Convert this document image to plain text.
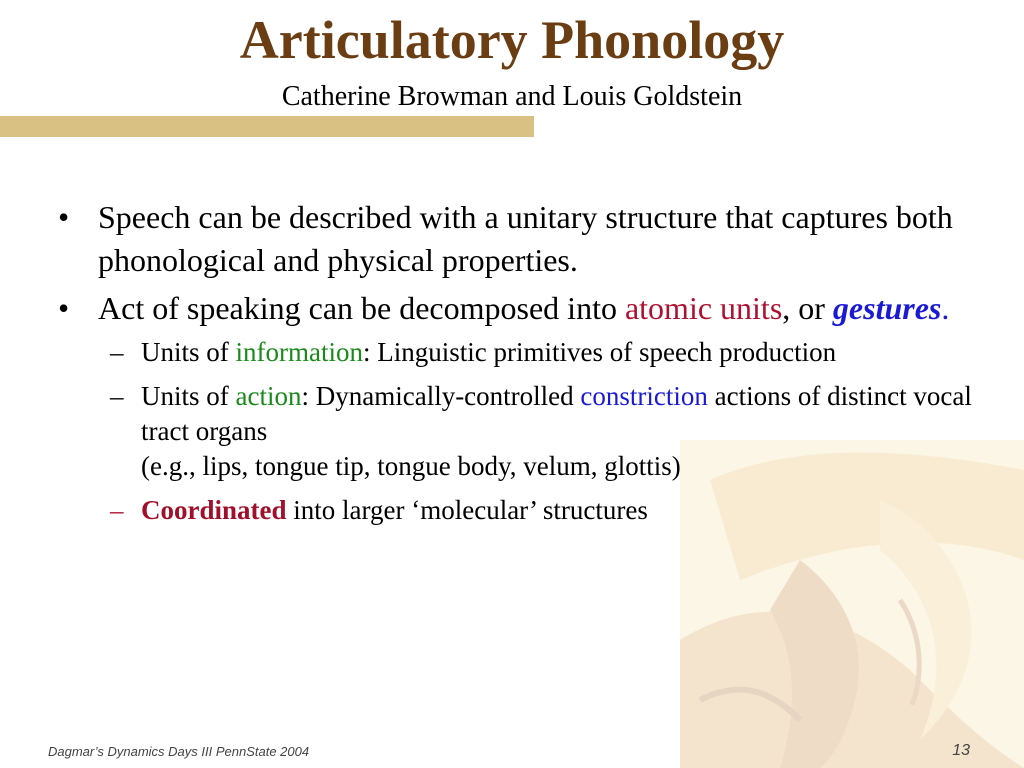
Articulatory Phonology
Catherine Browman and Louis Goldstein
• Speech can be described with a unitary structure that captures both phonological and physical properties.
• Act of speaking can be decomposed into atomic units, or gestures.
– Units of information: Linguistic primitives of speech production
– Units of action: Dynamically-controlled constriction actions of distinct vocal tract organs
(e.g., lips, tongue tip, tongue body, velum, glottis)
– Coordinated into larger ‘molecular’ structures
Dagmar’s Dynamics Days III PennState 2004	13
